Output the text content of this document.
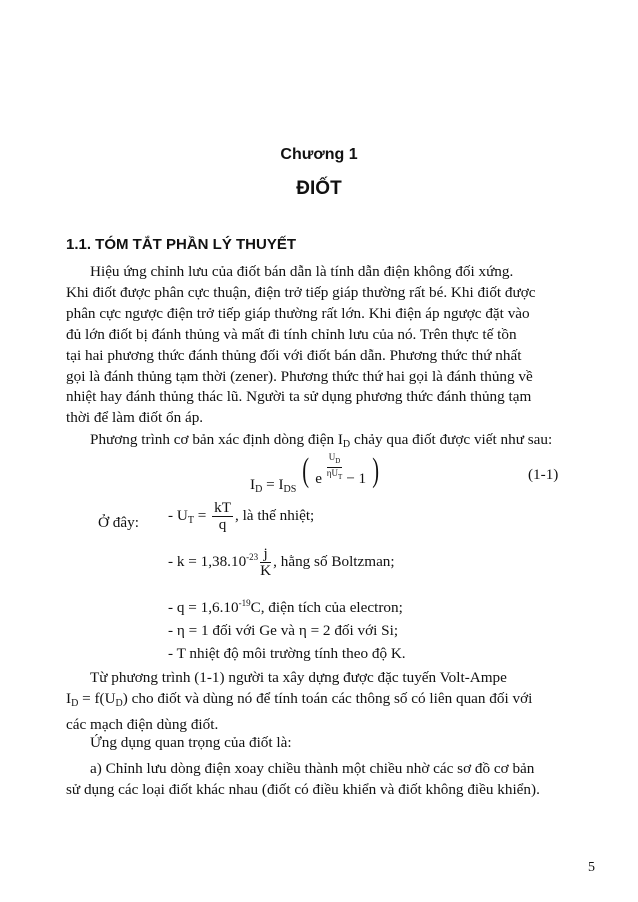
Chương 1
ĐIỐT
1.1. TÓM TẮT PHẦN LÝ THUYẾT
Hiệu ứng chỉnh lưu của điốt bán dẫn là tính dẫn điện không đối xứng.
Khi điốt được phân cực thuận, điện trở tiếp giáp thường rất bé. Khi điốt được
phân cực ngược điện trở tiếp giáp thường rất lớn. Khi điện áp ngược đặt vào
đủ lớn điốt bị đánh thủng và mất đi tính chỉnh lưu của nó. Trên thực tế tồn
tại hai phương thức đánh thủng đối với điốt bán dẫn. Phương thức thứ nhất
gọi là đánh thủng tạm thời (zener). Phương thức thứ hai gọi là đánh thủng về
nhiệt hay đánh thủng thác lũ. Người ta sử dụng phương thức đánh thủng tạm
thời để làm điốt ổn áp.
Phương trình cơ bản xác định dòng điện $I_D$ chảy qua điốt được viết như sau:
$I_D = I_{DS}$ ( e
$U_D$
$\eta U_T - 1$ )	(1-1)
Ở đây: - $U_T = \frac{kT}{q}$ , là thế nhiệt;
- $k = 1,38.10^{-23} \frac{j}{K}$ , hằng số Boltzman;
- $q = 1,6.10^{-19}C$, điện tích của electron;
- η = 1 đối với Ge và η = 2 đối với Si;
- T nhiệt độ môi trường tính theo độ K.
Từ phương trình (1-1) người ta xây dựng được đặc tuyến Volt-Ampe
$I_D = f(U_D)$ cho điốt và dùng nó để tính toán các thông số có liên quan đối với
các mạch điện dùng điốt.
Ứng dụng quan trọng của điốt là:
a) Chỉnh lưu dòng điện xoay chiều thành một chiều nhờ các sơ đồ cơ bản
sử dụng các loại điốt khác nhau (điốt có điều khiển và điốt không điều khiển).
5
